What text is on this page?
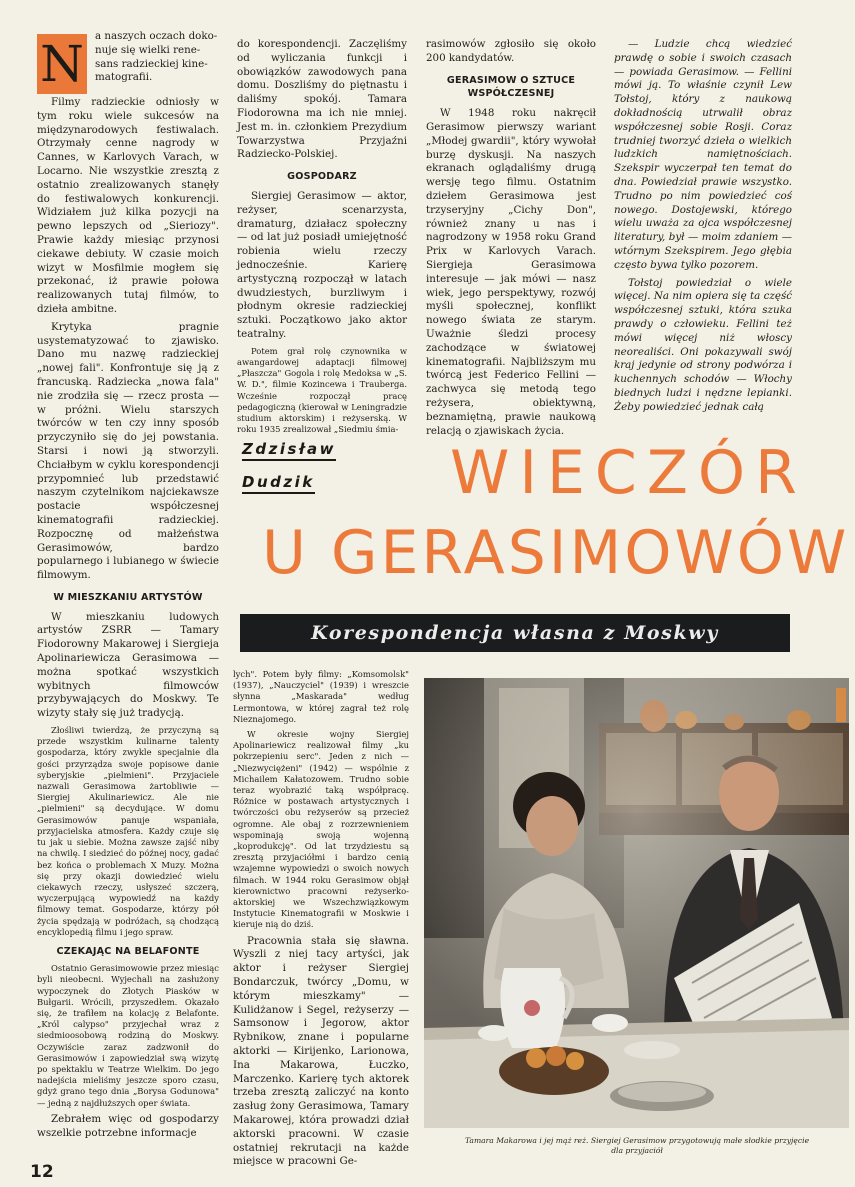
N	a naszych oczach doko-
nuje się wielki rene-
sans radzieckiej kine-
matografii.

Filmy radzieckie odniosły w tym roku wiele sukcesów na międzynarodowych festiwalach. Otrzymały cenne nagrody w Cannes, w Karlovych Varach, w Locarno. Nie wszystkie zresztą z ostatnio zrealizowanych stanęły do festiwalowych konkurencji. Widziałem już kilka pozycji na pewno lepszych od „Sieriozy". Prawie każdy miesiąc przynosi ciekawe debiuty. W czasie moich wizyt w Mosfilmie mogłem się przekonać, iż prawie połowa realizowanych tutaj filmów, to dzieła ambitne.

Krytyka pragnie usystematyzować to zjawisko. Dano mu nazwę radzieckiej „nowej fali". Konfrontuje się ją z francuską. Radziecka „nowa fala" nie zrodziła się — rzecz prosta — w próżni. Wielu starszych twórców w ten czy inny sposób przyczyniło się do jej powstania. Starsi i nowi ją stworzyli. Chciałbym w cyklu korespondencji przypomnieć lub przedstawić naszym czytelnikom najciekawsze postacie współczesnej kinematografii radzieckiej. Rozpocznę od małżeństwa Gerasimowów, bardzo popularnego i lubianego w świecie filmowym.

W MIESZKANIU ARTYSTÓW

W mieszkaniu ludowych artystów ZSRR — Tamary Fiodorowny Makarowej i Siergieja Apolinariewicza Gerasimowa — można spotkać wszystkich wybitnych filmowców przybywających do Moskwy. Te wizyty stały się już tradycją.

Złośliwi twierdzą, że przyczyną są przede wszystkim kulinarne talenty gospodarza, który zwykle specjalnie dla gości przyrządza swoje popisowe danie syberyjskie „pielmieni". Przyjaciele nazwali Gerasimowa żartobliwie — Siergiej Akulinariewicz. Ale nie „pielmieni" są decydujące. W domu Gerasimowów panuje wspaniała, przyjacielska atmosfera. Każdy czuje się tu jak u siebie. Można zawsze zajść niby na chwilę. I siedzieć do późnej nocy, gadać bez końca o problemach X Muzy. Można się przy okazji dowiedzieć wielu ciekawych rzeczy, usłyszeć szczerą, wyczerpującą wypowiedź na każdy filmowy temat. Gospodarze, którzy pół życia spędzają w podróżach, są chodzącą encyklopedią filmu i jego spraw.

CZEKAJĄC NA BELAFONTE

Ostatnio Gerasimowowie przez miesiąc byli nieobecni. Wyjechali na zasłużony wypoczynek do Złotych Piasków w Bułgarii. Wrócili, przyszedłem. Okazało się, że trafiłem na kolację z Belafonte. „Król calypso" przyjechał wraz z siedmioosobową rodziną do Moskwy. Oczywiście zaraz zadzwonił do Gerasimowów i zapowiedział swą wizytę po spektaklu w Teatrze Wielkim. Do jego nadejścia mieliśmy jeszcze sporo czasu, gdyż grano tego dnia „Borysa Godunowa" — jedną z najdłuższych oper świata.

Zebrałem więc od gospodarzy wszelkie potrzebne informacje

do korespondencji. Zaczęliśmy od wyliczania funkcji i obowiązków zawodowych pana domu. Doszliśmy do piętnastu i daliśmy spokój. Tamara Fiodorowna ma ich nie mniej. Jest m. in. członkiem Prezydium Towarzystwa Przyjaźni Radziecko-Polskiej.

GOSPODARZ

Siergiej Gerasimow — aktor, reżyser, scenarzysta, dramaturg, działacz społeczny — od lat już posiadł umiejętność robienia wielu rzeczy jednocześnie. Karierę artystyczną rozpoczął w latach dwudziestych, burzliwym i płodnym okresie radzieckiej sztuki. Początkowo jako aktor teatralny.

Potem grał rolę czynownika w awangardowej adaptacji filmowej „Płaszcza" Gogola i rolę Medoksa w „S. W. D.", filmie Kozincewa i Trauberga. Wcześnie rozpoczął pracę pedagogiczną (kierował w Leningradzie studium aktorskim) i reżyserską. W roku 1935 zrealizował „Siedmiu śmia-

rasimowów zgłosiło się około 200 kandydatów.

GERASIMOW O SZTUCE WSPÓŁCZESNEJ

W 1948 roku nakręcił Gerasimow pierwszy wariant „Młodej gwardii", który wywołał burzę dyskusji. Na naszych ekranach oglądaliśmy drugą wersję tego filmu. Ostatnim dziełem Gerasimowa jest trzyseryjny „Cichy Don", również znany u nas i nagrodzony w 1958 roku Grand Prix w Karlovych Varach. Siergieja Gerasimowa interesuje — jak mówi — nasz wiek, jego perspektywy, rozwój myśli społecznej, konflikt nowego świata ze starym. Uważnie śledzi procesy zachodzące w światowej kinematografii. Najbliższym mu twórcą jest Federico Fellini — zachwyca się metodą tego reżysera, obiektywną, beznamiętną, prawie naukową relacją o zjawiskach życia.

— Ludzie chcą wiedzieć prawdę o sobie i swoich czasach — powiada Gerasimow. — Fellini mówi ją. To właśnie czynił Lew Tołstoj, który z naukową dokładnością utrwalił obraz współczesnej sobie Rosji. Coraz trudniej tworzyć dzieła o wielkich ludzkich namiętnościach. Szekspir wyczerpał ten temat do dna. Powiedział prawie wszystko. Trudno po nim powiedzieć coś nowego. Dostojewski, którego wielu uważa za ojca współczesnej literatury, był — moim zdaniem — wtórnym Szekspirem. Jego głębia często bywa tylko pozorem.

Tołstoj powiedział o wiele więcej. Na nim opiera się ta część współczesnej sztuki, która szuka prawdy o człowieku. Fellini też mówi więcej niż włoscy neorealiści. Oni pokazywali swój kraj jedynie od strony podwórza i kuchennych schodów — Włochy biednych ludzi i nędzne lepianki. Żeby powiedzieć jednak całą

Zdzisław
Dudzik WIECZÓR
U GERASIMOWÓW
Korespondencja własna z Moskwy

lych". Potem były filmy: „Komsomolsk" (1937), „Nauczyciel" (1939) i wreszcie słynna „Maskarada" według Lermontowa, w której zagrał też rolę Nieznajomego.

W okresie wojny Siergiej Apolinariewicz realizował filmy „ku pokrzepieniu serc". Jeden z nich — „Niezwyciężeni" (1942) — wspólnie z Michailem Kałatozowem. Trudno sobie teraz wyobrazić taką współpracę. Różnice w postawach artystycznych i twórczości obu reżyserów są przecież ogromne. Ale obaj z rozrzewnieniem wspominają swoją wojenną „koprodukcję". Od lat trzydziestu są zresztą przyjaciółmi i bardzo cenią wzajemne wypowiedzi o swoich nowych filmach. W 1944 roku Gerasimow objął kierownictwo pracowni reżyserko-aktorskiej we Wszechzwiązkowym Instytucie Kinematografii w Moskwie i kieruje nią do dziś.

Pracownia stała się sławna. Wyszli z niej tacy artyści, jak aktor i reżyser Siergiej Bondarczuk, twórcy „Domu, w którym mieszkamy" — Kulidżanow i Segel, reżyserzy — Samsonow i Jegorow, aktor Rybnikow, znane i popularne aktorki — Kirijenko, Larionowa, Ina Makarowa, Łuczko, Marczenko. Karierę tych aktorek trzeba zresztą zaliczyć na konto zasług żony Gerasimowa, Tamary Makarowej, która prowadzi dział aktorski pracowni. W czasie ostatniej rekrutacji na każde miejsce w pracowni Ge-

Tamara Makarowa i jej mąż reż. Siergiej Gerasimow przygotowują małe słodkie przyjęcie dla przyjaciół
12
